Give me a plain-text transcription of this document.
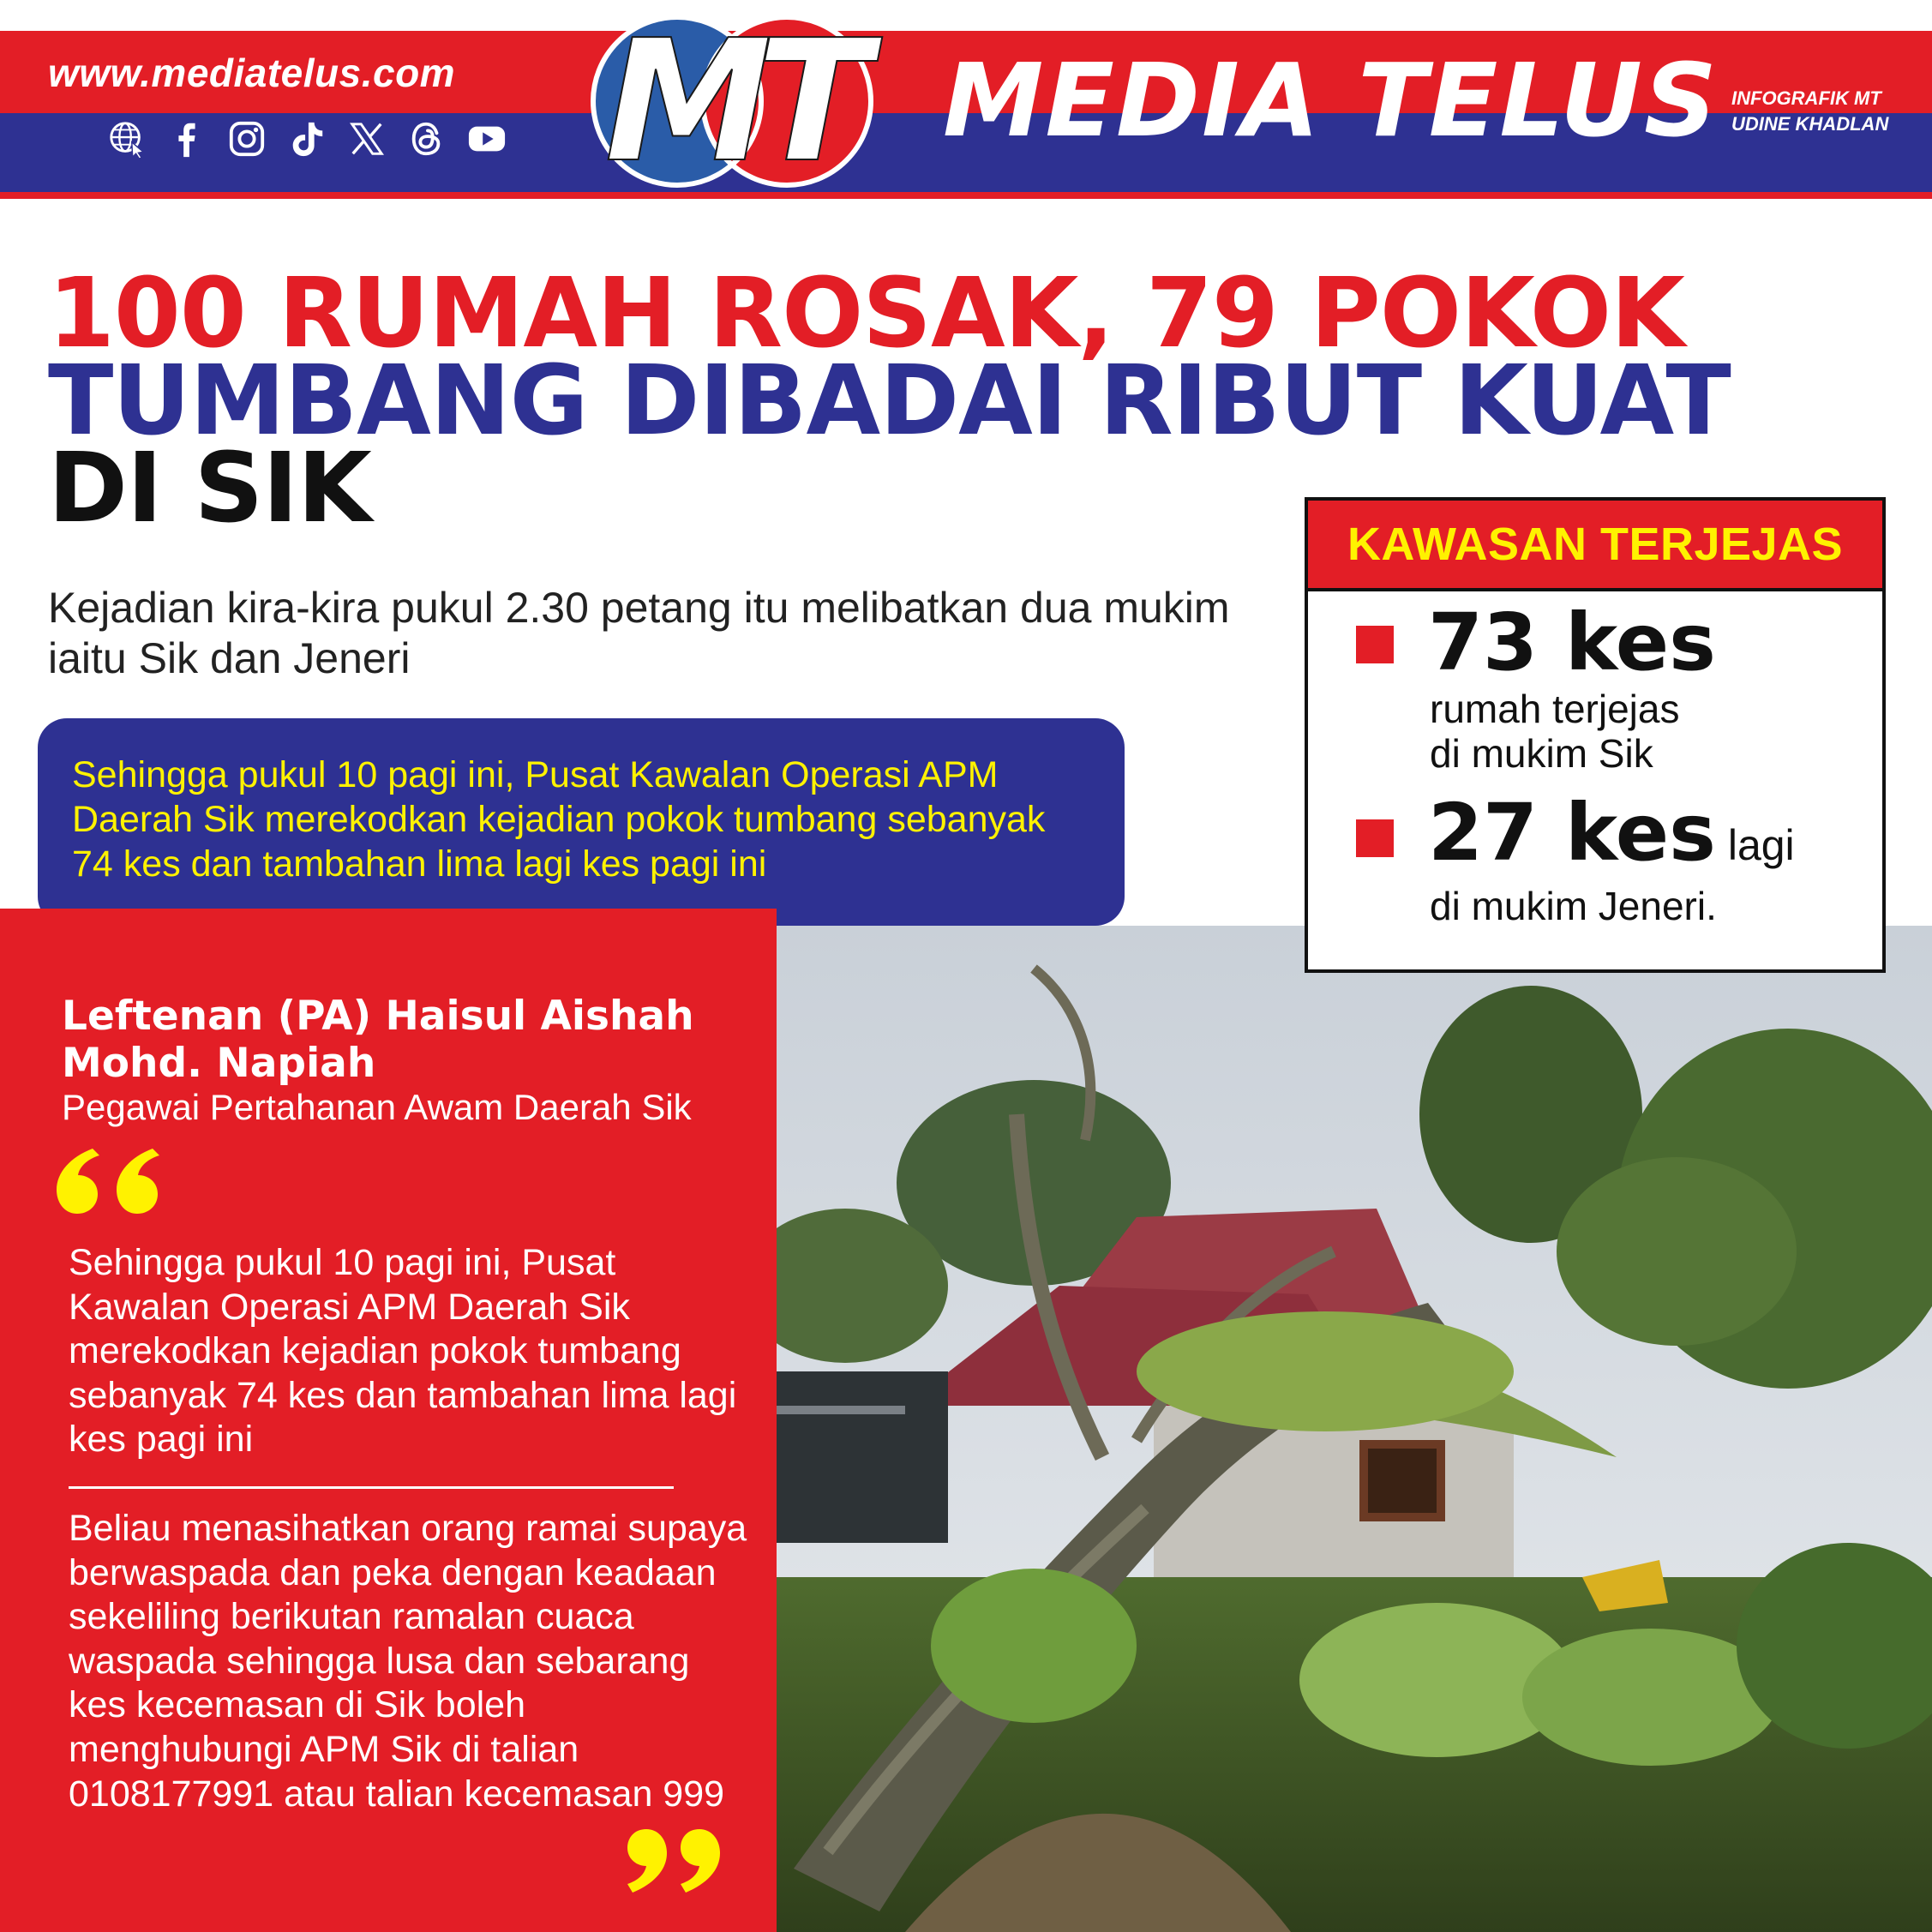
www.mediatelus.com MT MEDIA TELUS INFOGRAFIK MT
UDINE KHADLAN
100 RUMAH ROSAK, 79 POKOK
TUMBANG DIBADAI RIBUT KUAT
DI SIK
Kejadian kira-kira pukul 2.30 petang itu melibatkan dua mukim iaitu Sik dan Jeneri

Sehingga pukul 10 pagi ini, Pusat Kawalan Operasi APM Daerah Sik merekodkan kejadian pokok tumbang sebanyak 74 kes dan tambahan lima lagi kes pagi ini

Leftenan (PA) Haisul Aishah Mohd. Napiah
Pegawai Pertahanan Awam Daerah Sik
Sehingga pukul 10 pagi ini, Pusat Kawalan Operasi APM Daerah Sik merekodkan kejadian pokok tumbang sebanyak 74 kes dan tambahan lima lagi kes pagi ini
Beliau menasihatkan orang ramai supaya berwaspada dan peka dengan keadaan sekeliling berikutan ramalan cuaca waspada sehingga lusa dan sebarang kes kecemasan di Sik boleh menghubungi APM Sik di talian 0108177991 atau talian kecemasan 999
KAWASAN TERJEJAS
73 kes
rumah terjejas
di mukim Sik
27 kes lagi
di mukim Jeneri.
